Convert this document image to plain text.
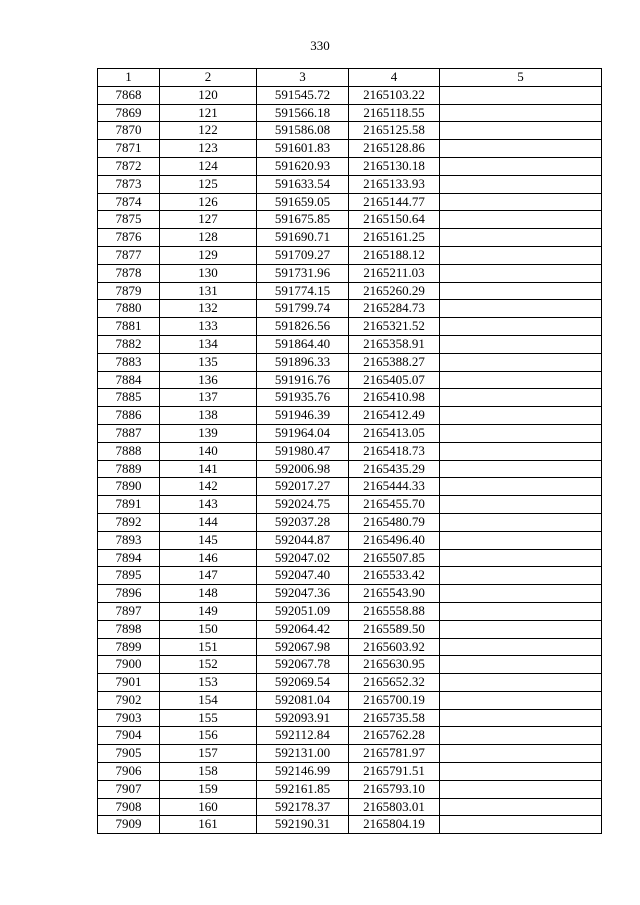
330
1	2	3	4	5
7868	120	591545.72	2165103.22	
7869	121	591566.18	2165118.55	
7870	122	591586.08	2165125.58	
7871	123	591601.83	2165128.86	
7872	124	591620.93	2165130.18	
7873	125	591633.54	2165133.93	
7874	126	591659.05	2165144.77	
7875	127	591675.85	2165150.64	
7876	128	591690.71	2165161.25	
7877	129	591709.27	2165188.12	
7878	130	591731.96	2165211.03	
7879	131	591774.15	2165260.29	
7880	132	591799.74	2165284.73	
7881	133	591826.56	2165321.52	
7882	134	591864.40	2165358.91	
7883	135	591896.33	2165388.27	
7884	136	591916.76	2165405.07	
7885	137	591935.76	2165410.98	
7886	138	591946.39	2165412.49	
7887	139	591964.04	2165413.05	
7888	140	591980.47	2165418.73	
7889	141	592006.98	2165435.29	
7890	142	592017.27	2165444.33	
7891	143	592024.75	2165455.70	
7892	144	592037.28	2165480.79	
7893	145	592044.87	2165496.40	
7894	146	592047.02	2165507.85	
7895	147	592047.40	2165533.42	
7896	148	592047.36	2165543.90	
7897	149	592051.09	2165558.88	
7898	150	592064.42	2165589.50	
7899	151	592067.98	2165603.92	
7900	152	592067.78	2165630.95	
7901	153	592069.54	2165652.32	
7902	154	592081.04	2165700.19	
7903	155	592093.91	2165735.58	
7904	156	592112.84	2165762.28	
7905	157	592131.00	2165781.97	
7906	158	592146.99	2165791.51	
7907	159	592161.85	2165793.10	
7908	160	592178.37	2165803.01	
7909	161	592190.31	2165804.19	
